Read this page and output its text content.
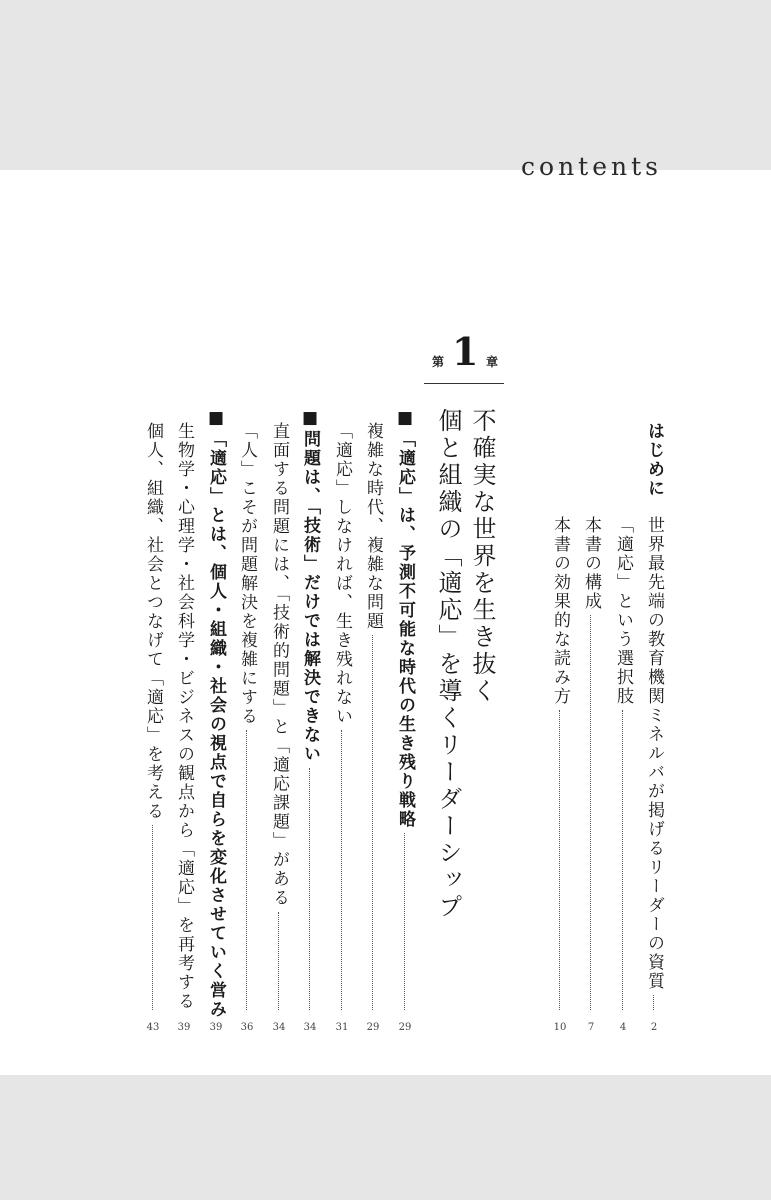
contents
はじめに
世界最先端の教育機関ミネルバが掲げるリーダーの資質
「適応」という選択肢
本書の構成
本書の効果的な読み方
2
4
7
10
第 1 章
不確実な世界を生き抜く
個と組織の「適応」を導くリーダーシップ
■「適応」は、予測不可能な時代の生き残り戦略
複雑な時代、複雑な問題
「適応」しなければ、生き残れない
■問題は、「技術」だけでは解決できない
直面する問題には、「技術的問題」と「適応課題」がある
「人」こそが問題解決を複雑にする
■「適応」とは、個人・組織・社会の視点で自らを変化させていく営み
生物学・心理学・社会科学・ビジネスの観点から「適応」を再考する
個人、組織、社会とつなげて「適応」を考える
29
29
31
34
34
36
39
39
43
